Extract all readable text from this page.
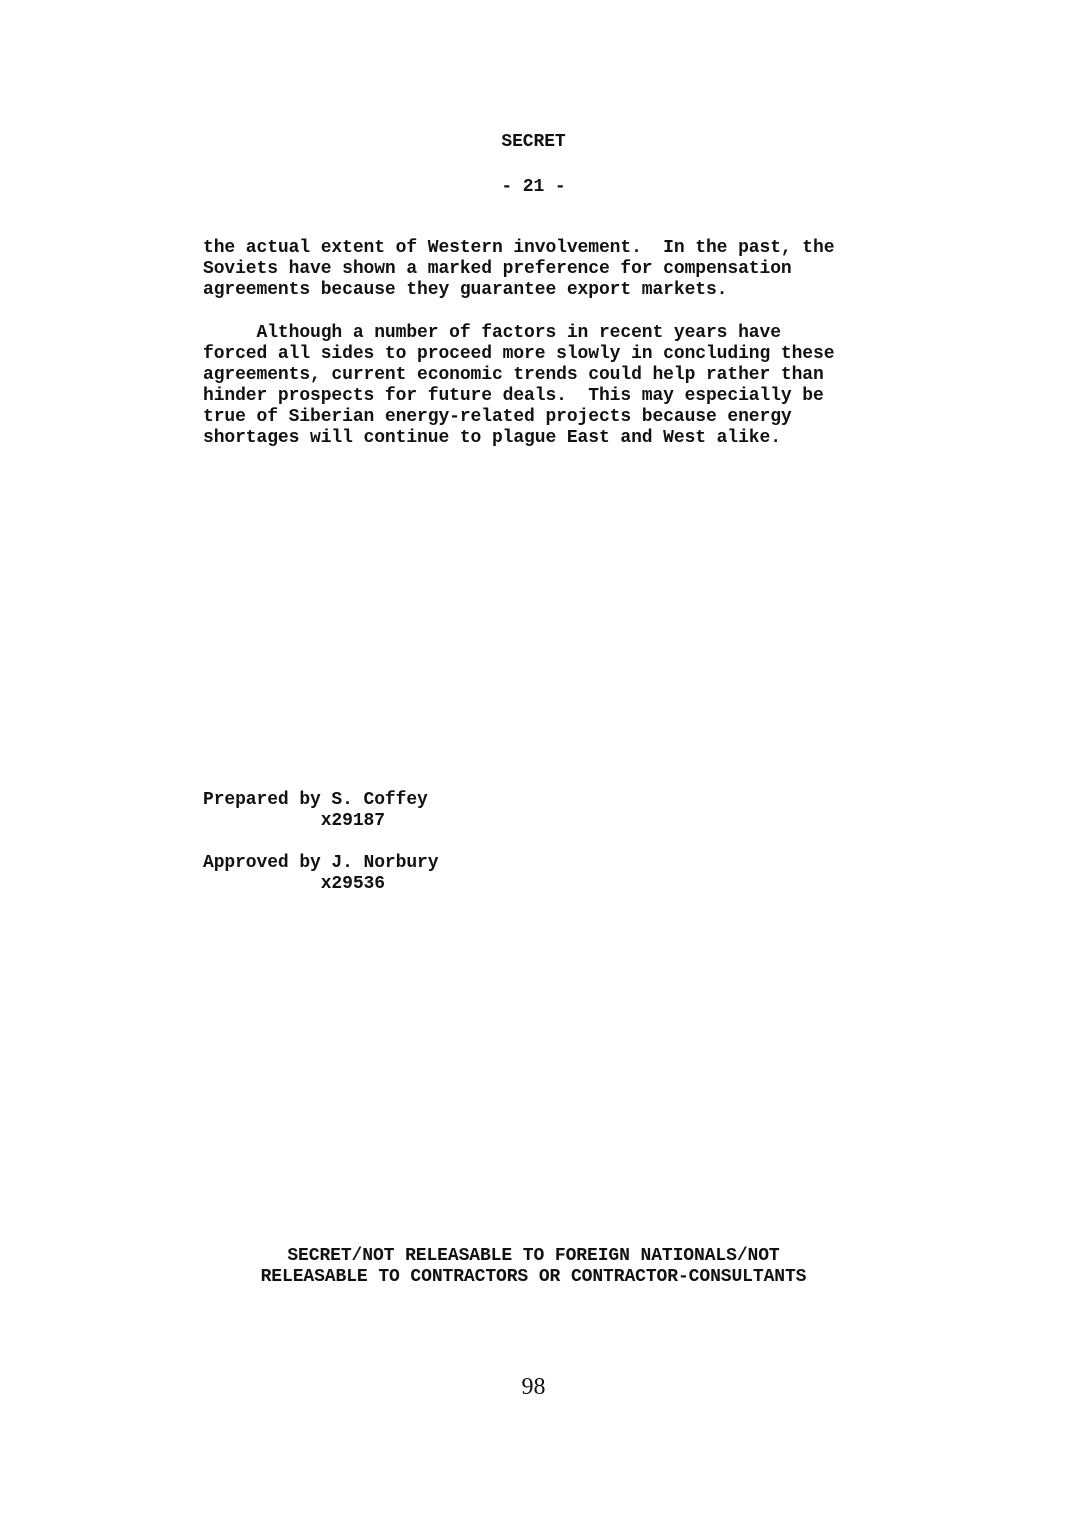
SECRET
- 21 -

the actual extent of Western involvement.  In the past, the
Soviets have shown a marked preference for compensation
agreements because they guarantee export markets.

Although a number of factors in recent years have
forced all sides to proceed more slowly in concluding these
agreements, current economic trends could help rather than
hinder prospects for future deals.  This may especially be
true of Siberian energy-related projects because energy
shortages will continue to plague East and West alike.

Prepared by S. Coffey
x29187
Approved by J. Norbury
x29536
SECRET/NOT RELEASABLE TO FOREIGN NATIONALS/NOT
RELEASABLE TO CONTRACTORS OR CONTRACTOR-CONSULTANTS
98
